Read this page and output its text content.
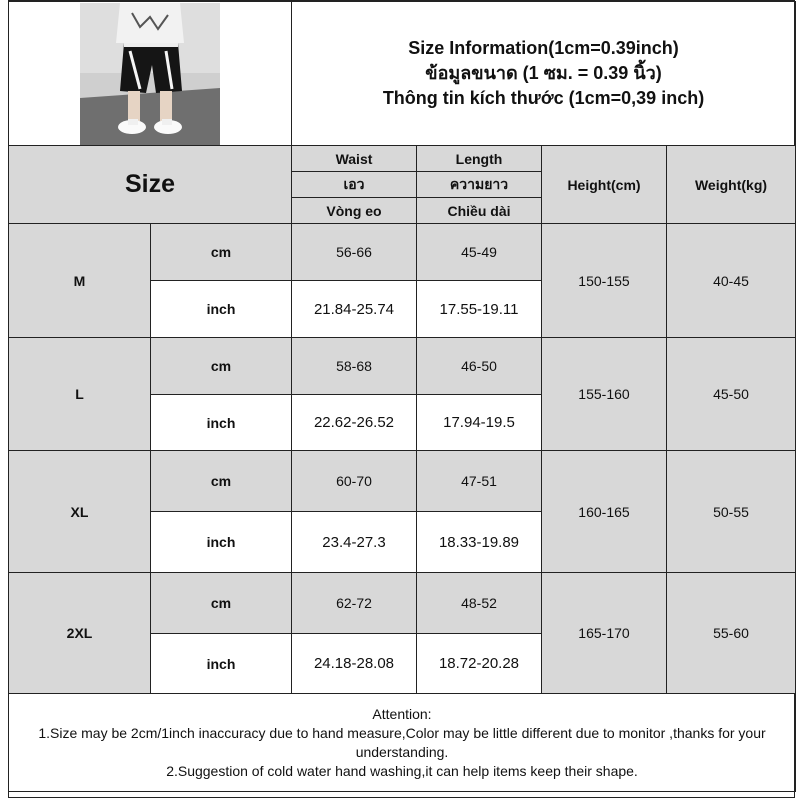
Size Information(1cm=0.39inch)
ข้อมูลขนาด (1 ซม. = 0.39 นิ้ว)
Thông tin kích thước (1cm=0,39 inch)			

Size		Waist	Length	Height(cm)	Weight(kg)
		เอว	ความยาว		
		Vòng eo	Chiều dài		
M	cm	56-66	45-49	150-155	40-45
	inch	21.84-25.74	17.55-19.11		
L	cm	58-68	46-50	155-160	45-50
	inch	22.62-26.52	17.94-19.5		
XL	cm	60-70	47-51	160-165	50-55
	inch	23.4-27.3	18.33-19.89		
2XL	cm	62-72	48-52	165-170	55-60
	inch	24.18-28.08	18.72-20.28		

Attention:
1.Size may be 2cm/1inch inaccuracy due to hand measure,Color may be little different due to monitor ,thanks for your understanding.
2.Suggestion of cold water hand washing,it can help items keep their shape.					
